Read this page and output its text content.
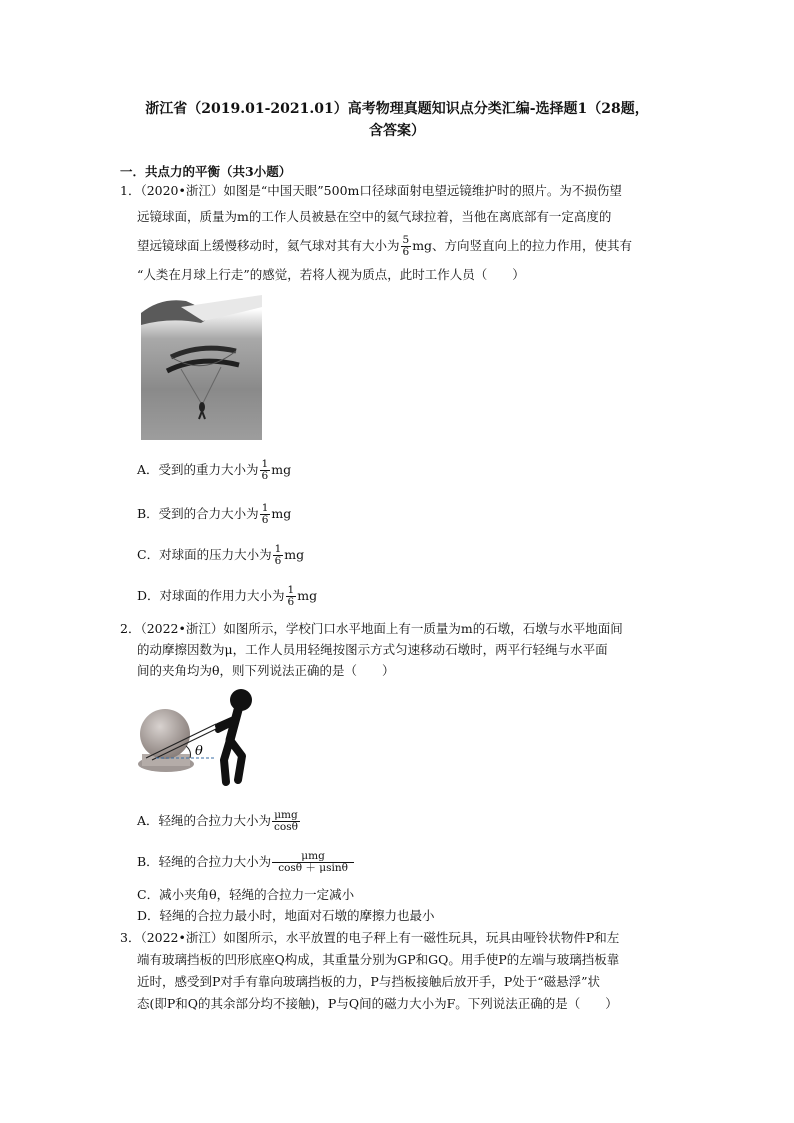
浙江省（2019.01-2021.01）高考物理真题知识点分类汇编-选择题1（28题，
含答案）
一．共点力的平衡（共3小题）
1．（2020•浙江）如图是“中国天眼”500m口径球面射电望远镜维护时的照片。为不损伤望
远镜球面，质量为m的工作人员被悬在空中的氦气球拉着，当他在离底部有一定高度的
望远镜球面上缓慢移动时，氦气球对其有大小为 $\frac{5}{6}$ mg、方向竖直向上的拉力作用，使其有
“人类在月球上行走”的感觉，若将人视为质点，此时工作人员（　　）
A．受到的重力大小为 $\frac{1}{6}$ mg
B．受到的合力大小为 $\frac{1}{6}$ mg
C．对球面的压力大小为 $\frac{1}{6}$ mg
D．对球面的作用力大小为 $\frac{1}{6}$ mg
2．（2022•浙江）如图所示，学校门口水平地面上有一质量为m的石墩，石墩与水平地面间
的动摩擦因数为μ，工作人员用轻绳按图示方式匀速移动石墩时，两平行轻绳与水平面
间的夹角均为θ，则下列说法正确的是（　　）
θ
A．轻绳的合拉力大小为 $\frac{\text{μmg}}{\cos\theta}$
B．轻绳的合拉力大小为 $\frac{\text{μmg}}{\cos\theta + \mu\sin\theta}$
C．减小夹角θ，轻绳的合拉力一定减小
D．轻绳的合拉力最小时，地面对石墩的摩擦力也最小
3．（2022•浙江）如图所示，水平放置的电子秤上有一磁性玩具，玩具由哑铃状物件P和左
端有玻璃挡板的凹形底座Q构成，其重量分别为GP和GQ。用手使P的左端与玻璃挡板靠
近时，感受到P对手有靠向玻璃挡板的力，P与挡板接触后放开手，P处于“磁悬浮”状
态(即P和Q的其余部分均不接触)，P与Q间的磁力大小为F。下列说法正确的是（　　）
